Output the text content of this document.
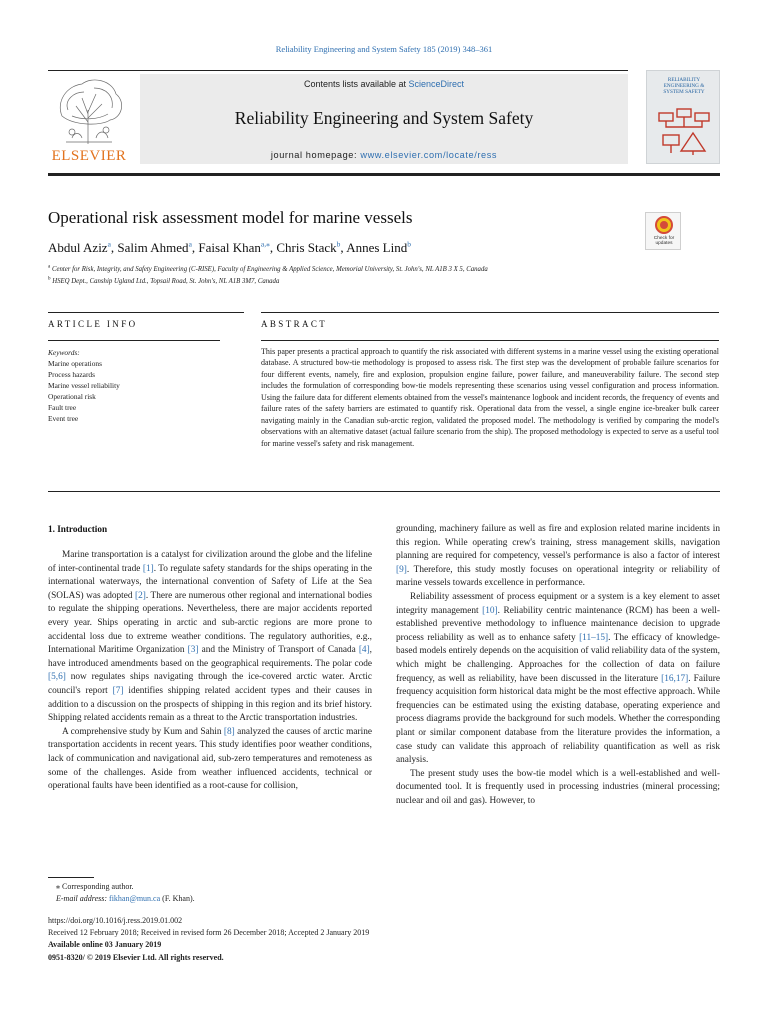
Reliability Engineering and System Safety 185 (2019) 348–361
ELSEVIER
Contents lists available at ScienceDirect
Reliability Engineering and System Safety
journal homepage: www.elsevier.com/locate/ress
RELIABILITY ENGINEERING & SYSTEM SAFETY
Operational risk assessment model for marine vessels
Abdul Aziz$^a$, Salim Ahmed$^a$, Faisal Khan$^{a,⁎}$, Chris Stack$^b$, Annes Lind$^b$
$^a$ Center for Risk, Integrity, and Safety Engineering (C-RISE), Faculty of Engineering & Applied Science, Memorial University, St. John's, NL A1B 3 X 5, Canada
$^b$ HSEQ Dept., Canship Ugland Ltd., Topsail Road, St. John's, NL A1B 3M7, Canada
Check for updates
ARTICLE INFO	ABSTRACT
Keywords:
Marine operations
Process hazards
Marine vessel reliability
Operational risk
Fault tree
Event tree
This paper presents a practical approach to quantify the risk associated with different systems in a marine vessel using the existing operational database. A structured bow-tie methodology is proposed to assess risk. The first step was the development of probable failure scenarios for four different events, namely, fire and explosion, propulsion engine failure, power failure, and maneuverability failure. The second step includes the formulation of corresponding bow-tie models representing these scenarios using vessel configuration and process information. Using the failure data for different elements obtained from the vessel's maintenance logbook and incident records, the frequency of events and failure rates of the safety barriers are estimated to quantify risk. Operational data from the vessel, a single engine ice-breaker bulk career navigating mainly in the Canadian sub-arctic region, validated the proposed model. The methodology is verified by comparing the model's observations with an alternative dataset (actual failure scenario from the ship). The proposed methodology is expected to serve as a useful tool for marine vessel's safety and risk management.
1. Introduction

Marine transportation is a catalyst for civilization around the globe and the lifeline of inter-continental trade [1]. To regulate safety standards for the ships operating in the international waterways, the international convention of Safety of Life at the Sea (SOLAS) was adopted [2]. There are numerous other regional and international bodies to regulate the shipping operations. Nevertheless, there are major accidents reported every year. Ships operating in arctic and sub-arctic regions are more prone to accidental loss due to extreme weather conditions. The regulatory authorities, e.g., International Maritime Organization [3] and the Ministry of Transport of Canada [4], have introduced amendments based on the geographical requirements. The polar code [5,6] now regulates ships navigating through the ice-covered arctic water. Arctic council's report [7] identifies shipping related accident types and their causes in addition to a discussion on the prospects of shipping in this region and its brief history. Shipping related accidents remain as a threat to the Arctic transportation industries.

A comprehensive study by Kum and Sahin [8] analyzed the causes of arctic marine transportation accidents in recent years. This study identifies poor weather conditions, lack of communication and navigational aid, sub-zero temperatures and remoteness as some of the challenges. Aside from weather influenced accidents, technical or operational faults have been identified as a root-cause for collision,

grounding, machinery failure as well as fire and explosion related marine incidents in this region. While operating crew's training, stress management skills, navigation planning are required for competency, vessel's performance is also a factor of interest [9]. Therefore, this study mostly focuses on operational integrity or reliability of marine vessels towards excellence in performance.

Reliability assessment of process equipment or a system is a key element to asset integrity management [10]. Reliability centric maintenance (RCM) has been a well-established preventive methodology to influence maintenance decision to upgrade process reliability as well as to enhance safety [11–15]. The efficacy of knowledge-based models entirely depends on the acquisition of valid reliability data of the system, which might be challenging. Approaches for the collection of data on failure frequency, as well as reliability, have been discussed in the literature [16,17]. Failure frequency acquisition form historical data might be the most effective approach. While frequencies can be estimated using the existing database, operating experience and process diagrams provide the background for such models. Whether the corresponding plant or similar component database from the literature provides the information, a case study can validate this approach of reliability quantification as well as risk analysis.

The present study uses the bow-tie model which is a well-established and well-documented tool. It is frequently used in processing industries (mineral processing; nuclear and oil and gas). However, to

⁎ Corresponding author.
E-mail address: fikhan@mun.ca (F. Khan).
https://doi.org/10.1016/j.ress.2019.01.002
Received 12 February 2018; Received in revised form 26 December 2018; Accepted 2 January 2019
Available online 03 January 2019
0951-8320/ © 2019 Elsevier Ltd. All rights reserved.
